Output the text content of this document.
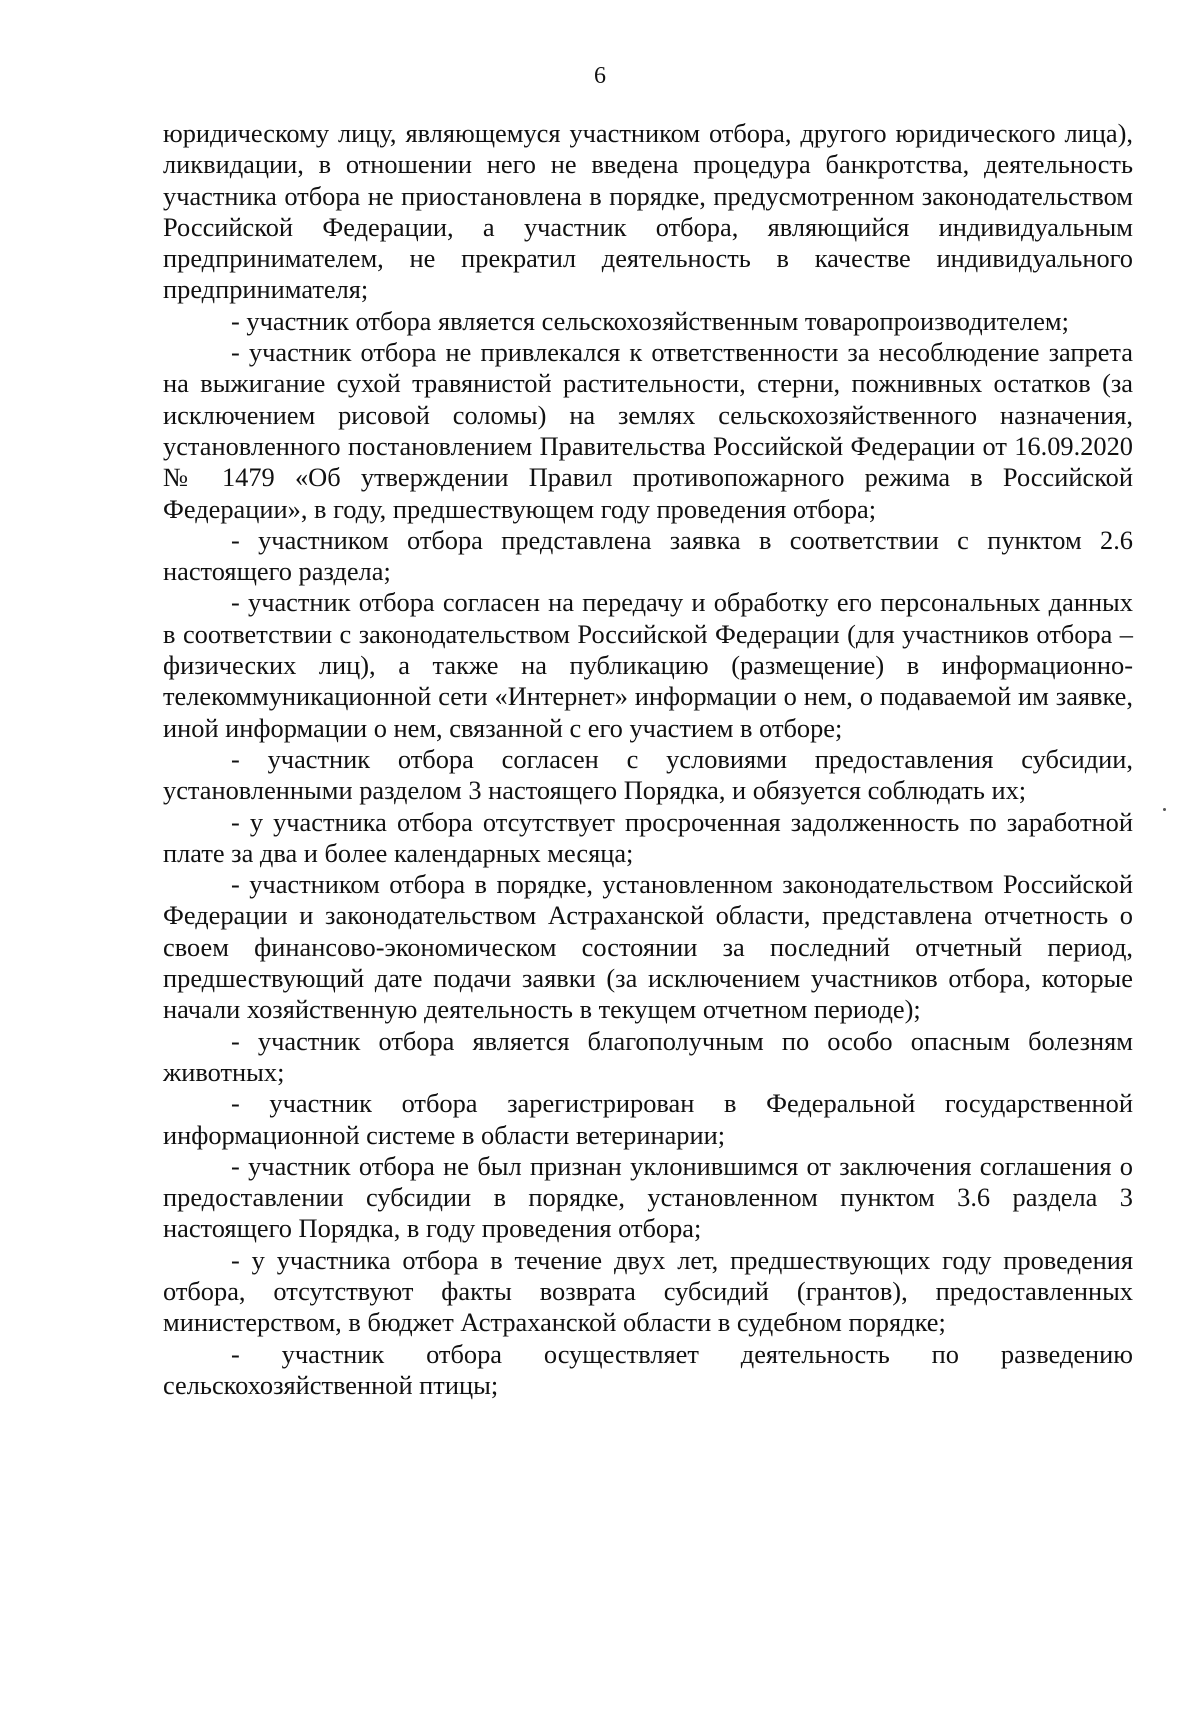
6

юридическому лицу, являющемуся участником отбора, другого юридического лица), ликвидации, в отношении него не введена процедура банкротства, деятельность участника отбора не приостановлена в порядке, предусмотренном законодательством Российской Федерации, а участник отбора, являющийся индивидуальным предпринимателем, не прекратил деятельность в качестве индивидуального предпринимателя;

- участник отбора является сельскохозяйственным товаропроизводителем;

- участник отбора не привлекался к ответственности за несоблюдение запрета на выжигание сухой травянистой растительности, стерни, пожнивных остатков (за исключением рисовой соломы) на землях сельскохозяйственного назначения, установленного постановлением Правительства Российской Федерации от 16.09.2020 № 1479 «Об утверждении Правил противопожарного режима в Российской Федерации», в году, предшествующем году проведения отбора;

- участником отбора представлена заявка в соответствии с пунктом 2.6 настоящего раздела;

- участник отбора согласен на передачу и обработку его персональных данных в соответствии с законодательством Российской Федерации (для участников отбора – физических лиц), а также на публикацию (размещение) в информационно-телекоммуникационной сети «Интернет» информации о нем, о подаваемой им заявке, иной информации о нем, связанной с его участием в отборе;

- участник отбора согласен с условиями предоставления субсидии, установленными разделом 3 настоящего Порядка, и обязуется соблюдать их;

- у участника отбора отсутствует просроченная задолженность по заработной плате за два и более календарных месяца;

- участником отбора в порядке, установленном законодательством Российской Федерации и законодательством Астраханской области, представлена отчетность о своем финансово-экономическом состоянии за последний отчетный период, предшествующий дате подачи заявки (за исключением участников отбора, которые начали хозяйственную деятельность в текущем отчетном периоде);

- участник отбора является благополучным по особо опасным болезням животных;

- участник отбора зарегистрирован в Федеральной государственной информационной системе в области ветеринарии;

- участник отбора не был признан уклонившимся от заключения соглашения о предоставлении субсидии в порядке, установленном пунктом 3.6 раздела 3 настоящего Порядка, в году проведения отбора;

- у участника отбора в течение двух лет, предшествующих году проведения отбора, отсутствуют факты возврата субсидий (грантов), предоставленных министерством, в бюджет Астраханской области в судебном порядке;

- участник отбора осуществляет деятельность по разведению сельскохозяйственной птицы;
